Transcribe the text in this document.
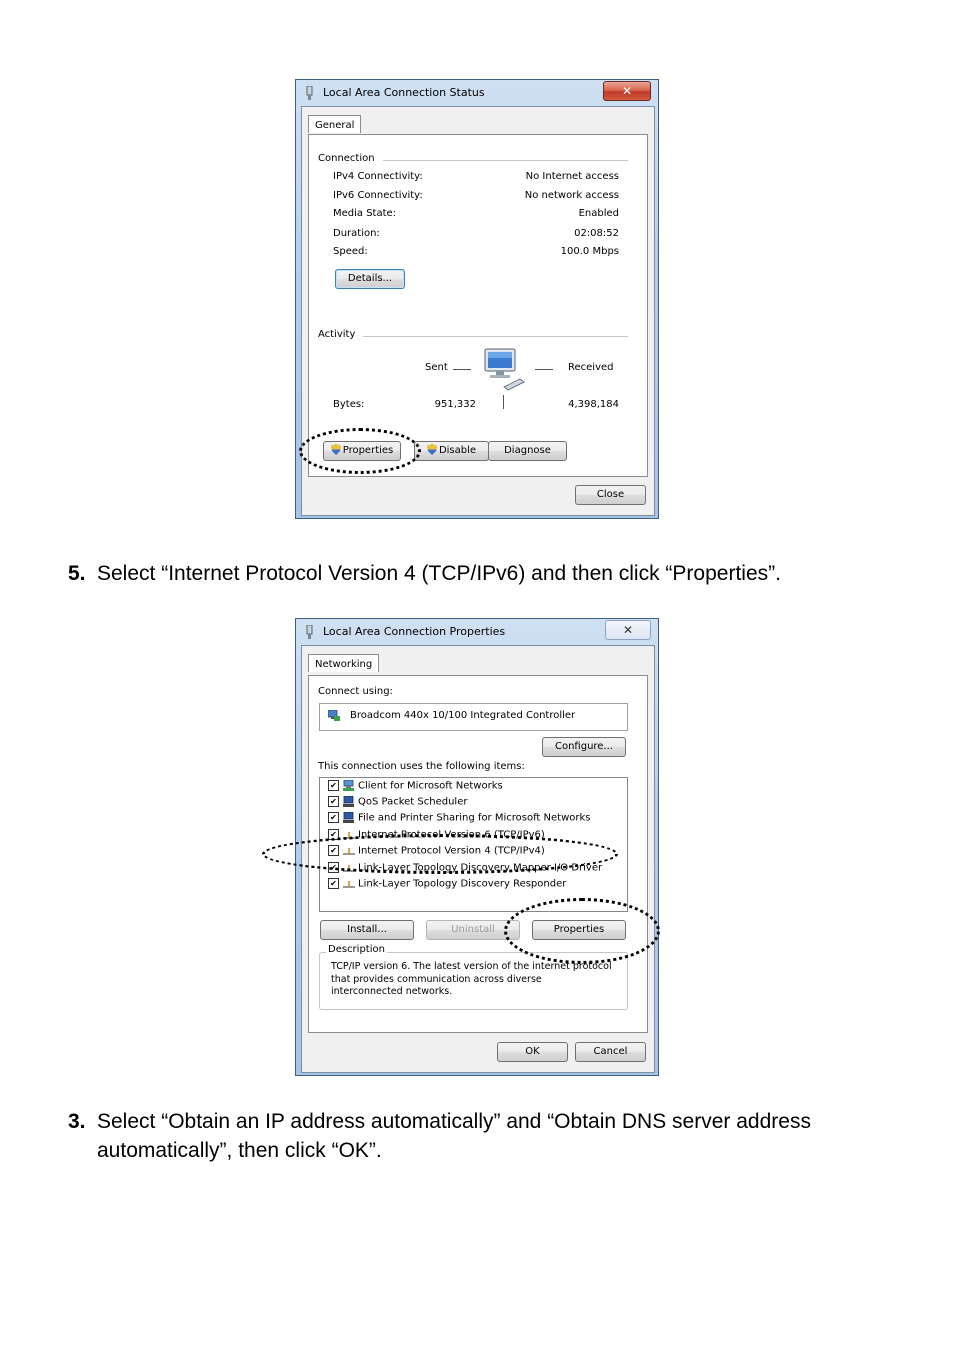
Local Area Connection Status	✕
General
Connection
IPv4 Connectivity:	No Internet access
IPv6 Connectivity:	No network access
Media State:	Enabled
Duration:	02:08:52
Speed:	100.0 Mbps
Details...
Activity
Sent	Received
Bytes:	951,332	4,398,184
Properties	Disable	Diagnose
Close
5. Select “Internet Protocol Version 4 (TCP/IPv6) and then click “Properties”.
Local Area Connection Properties	✕
Networking
Connect using:
Broadcom 440x 10/100 Integrated Controller
Configure...
This connection uses the following items:
✔ Client for Microsoft Networks
✔ QoS Packet Scheduler
✔ File and Printer Sharing for Microsoft Networks
✔ Internet Protocol Version 6 (TCP/IPv6)
✔ Internet Protocol Version 4 (TCP/IPv4)
✔ Link-Layer Topology Discovery Mapper I/O Driver
✔ Link-Layer Topology Discovery Responder
Install...	Uninstall	Properties
Description
TCP/IP version 6. The latest version of the internet protocol that provides communication across diverse interconnected networks.
OK	Cancel
3. Select “Obtain an IP address automatically” and “Obtain DNS server address automatically”, then click “OK”.
